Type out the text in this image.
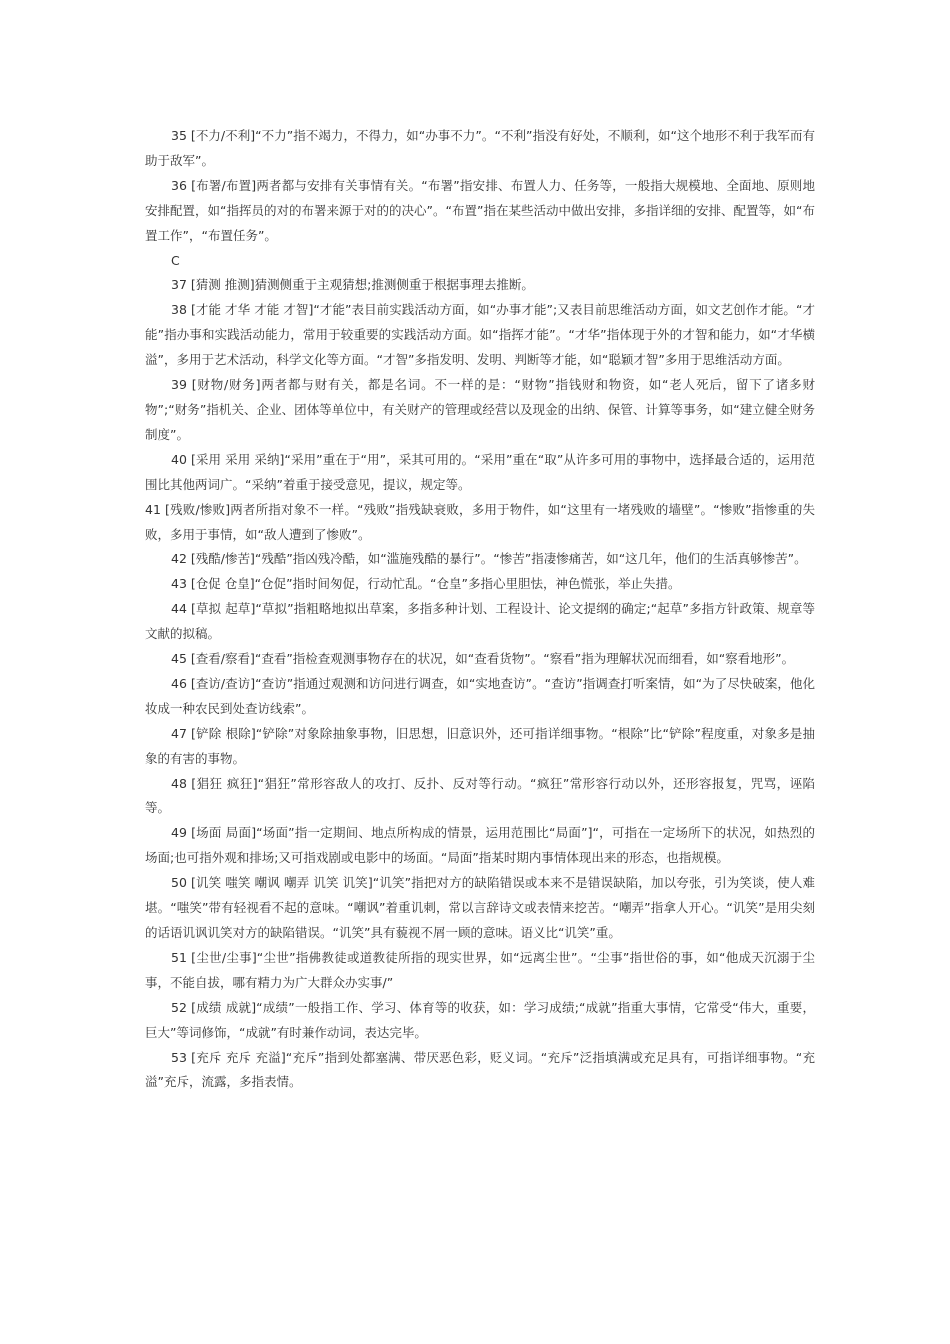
35 [不力/不利]“不力”指不竭力，不得力，如“办事不力”。“不利”指没有好处，不顺利，如“这个地形不利于我军而有助于敌军”。

36 [布署/布置]两者都与安排有关事情有关。“布署”指安排、布置人力、任务等，一般指大规模地、全面地、原则地安排配置，如“指挥员的对的布署来源于对的的决心”。“布置”指在某些活动中做出安排，多指详细的安排、配置等，如“布置工作”，“布置任务”。

C

37 [猜测 推测]猜测侧重于主观猜想;推测侧重于根据事理去推断。

38 [才能 才华 才能 才智]“才能”表目前实践活动方面，如“办事才能”;又表目前思维活动方面，如文艺创作才能。“才能”指办事和实践活动能力，常用于较重要的实践活动方面。如“指挥才能”。“才华”指体现于外的才智和能力，如“才华横溢”，多用于艺术活动，科学文化等方面。“才智”多指发明、发明、判断等才能，如“聪颖才智”多用于思维活动方面。

39 [财物/财务]两者都与财有关，都是名词。不一样的是：“财物”指钱财和物资，如“老人死后，留下了诸多财物”;“财务”指机关、企业、团体等单位中，有关财产的管理或经营以及现金的出纳、保管、计算等事务，如“建立健全财务制度”。

40 [采用 采用 采纳]“采用”重在于“用”，采其可用的。“采用”重在“取”从许多可用的事物中，选择最合适的，运用范围比其他两词广。“采纳”着重于接受意见，提议，规定等。

41 [残败/惨败]两者所指对象不一样。“残败”指残缺衰败，多用于物件，如“这里有一堵残败的墙壁”。“惨败”指惨重的失败，多用于事情，如“敌人遭到了惨败”。

42 [残酷/惨苦]“残酷”指凶残冷酷，如“滥施残酷的暴行”。“惨苦”指凄惨痛苦，如“这几年，他们的生活真够惨苦”。

43 [仓促 仓皇]“仓促”指时间匆促，行动忙乱。“仓皇”多指心里胆怯，神色慌张，举止失措。

44 [草拟 起草]“草拟”指粗略地拟出草案，多指多种计划、工程设计、论文提纲的确定;“起草”多指方针政策、规章等文献的拟稿。

45 [查看/察看]“查看”指检查观测事物存在的状况，如“查看货物”。“察看”指为理解状况而细看，如“察看地形”。

46 [查访/查访]“查访”指通过观测和访问进行调查，如“实地查访”。“查访”指调查打听案情，如“为了尽快破案，他化妆成一种农民到处查访线索”。

47 [铲除 根除]“铲除”对象除抽象事物，旧思想，旧意识外，还可指详细事物。“根除”比“铲除”程度重，对象多是抽象的有害的事物。

48 [猖狂 疯狂]“猖狂”常形容敌人的攻打、反扑、反对等行动。“疯狂”常形容行动以外，还形容报复，咒骂，诬陷等。

49 [场面 局面]“场面”指一定期间、地点所构成的情景，运用范围比“局面”]“，可指在一定场所下的状况，如热烈的场面;也可指外观和排场;又可指戏剧或电影中的场面。“局面”指某时期内事情体现出来的形态，也指规模。

50 [讥笑 嗤笑 嘲讽 嘲弄 讥笑 讥笑]“讥笑”指把对方的缺陷错误或本来不是错误缺陷，加以夸张，引为笑谈，使人难堪。“嗤笑”带有轻视看不起的意味。“嘲讽”着重讥刺，常以言辞诗文或表情来挖苦。“嘲弄”指拿人开心。“讥笑”是用尖刻的话语讥讽讥笑对方的缺陷错误。“讥笑”具有藐视不屑一顾的意味。语义比“讥笑”重。

51 [尘世/尘事]“尘世”指佛教徒或道教徒所指的现实世界，如“远离尘世”。“尘事”指世俗的事，如“他成天沉溺于尘事，不能自拔，哪有精力为广大群众办实事/”

52 [成绩 成就]“成绩”一般指工作、学习、体育等的收获，如：学习成绩;“成就”指重大事情，它常受“伟大，重要，巨大”等词修饰，“成就”有时兼作动词，表达完毕。

53 [充斥 充斥 充溢]“充斥”指到处都塞满、带厌恶色彩，贬义词。“充斥”泛指填满或充足具有，可指详细事物。“充溢”充斥，流露，多指表情。
